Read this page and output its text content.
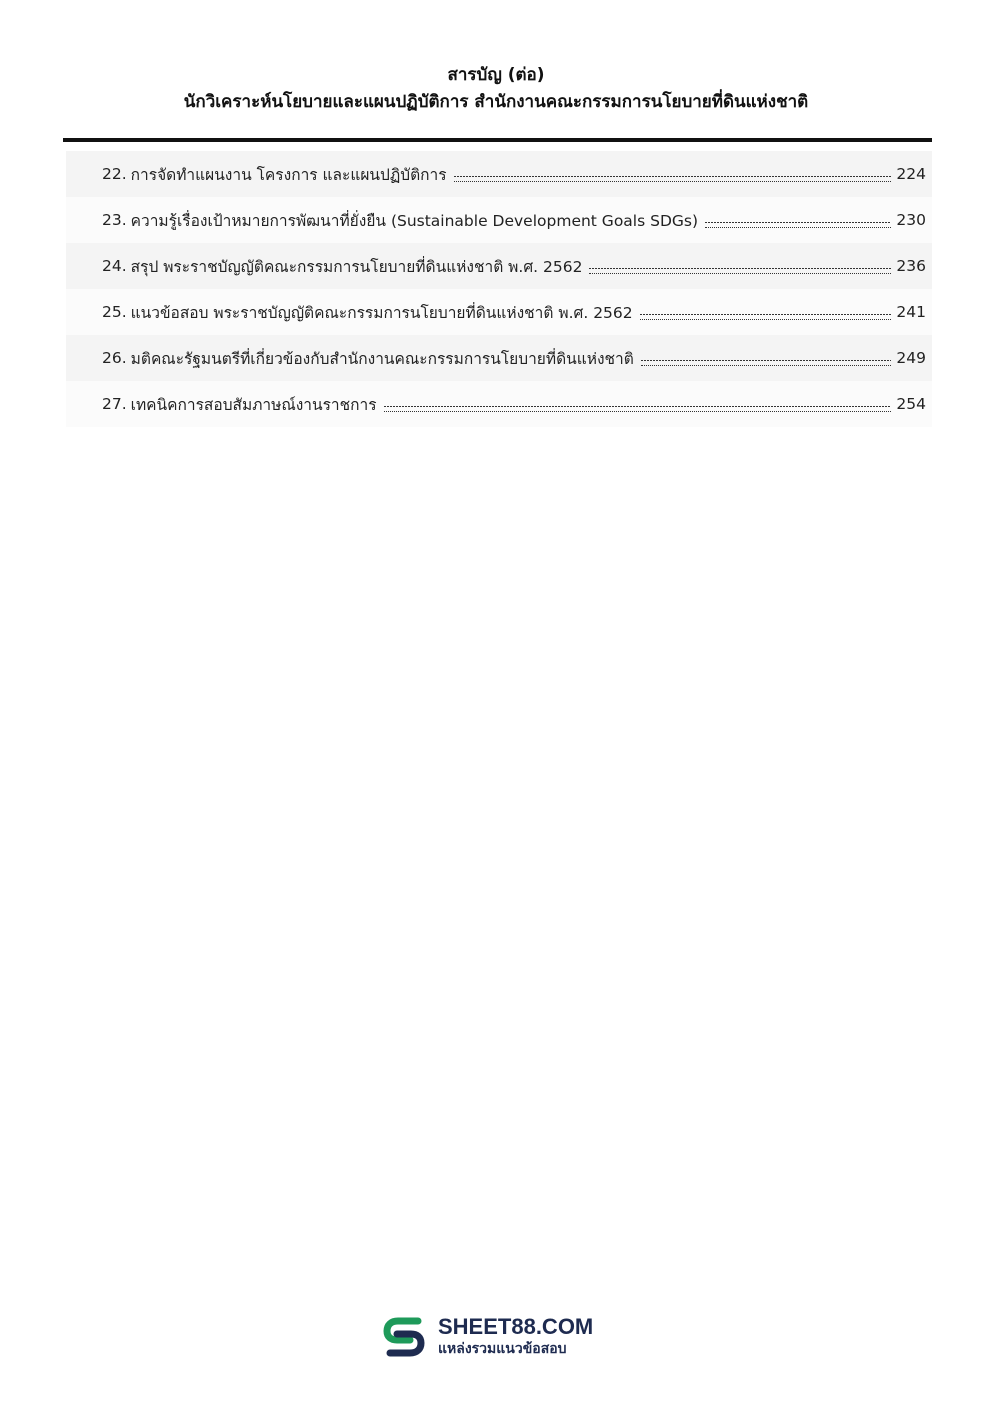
สารบัญ (ต่อ)
นักวิเคราะห์นโยบายและแผนปฏิบัติการ สำนักงานคณะกรรมการนโยบายที่ดินแห่งชาติ
22. การจัดทำแผนงาน โครงการ และแผนปฏิบัติการ	224
23. ความรู้เรื่องเป้าหมายการพัฒนาที่ยั่งยืน (Sustainable Development Goals SDGs)	230
24. สรุป พระราชบัญญัติคณะกรรมการนโยบายที่ดินแห่งชาติ พ.ศ. 2562	236
25. แนวข้อสอบ พระราชบัญญัติคณะกรรมการนโยบายที่ดินแห่งชาติ พ.ศ. 2562	241
26. มติคณะรัฐมนตรีที่เกี่ยวข้องกับสำนักงานคณะกรรมการนโยบายที่ดินแห่งชาติ	249
27. เทคนิคการสอบสัมภาษณ์งานราชการ	254
SHEET88.COM
แหล่งรวมแนวข้อสอบ
